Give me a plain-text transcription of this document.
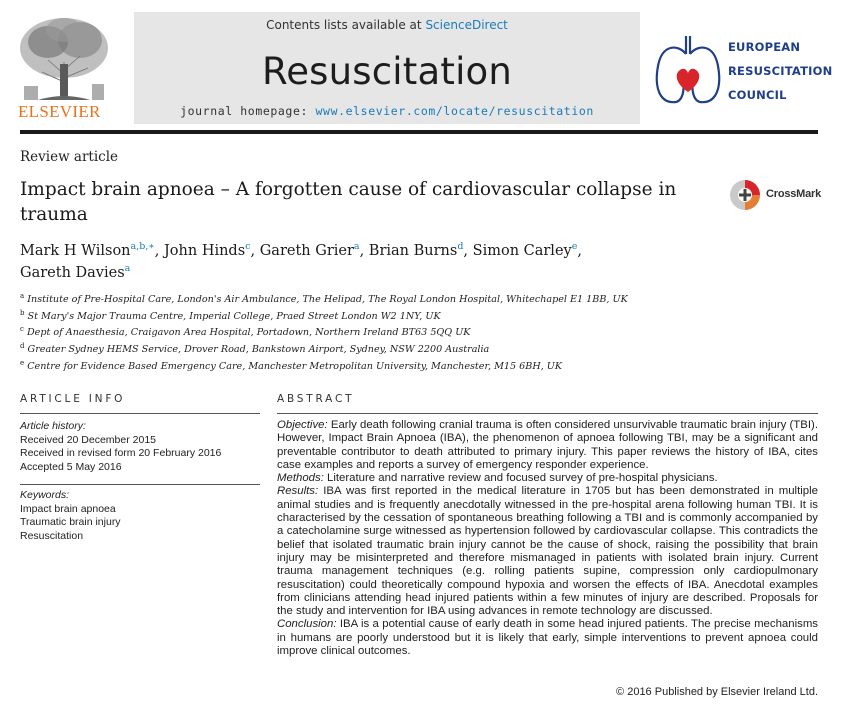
ELSEVIER
Contents lists available at ScienceDirect
Resuscitation
journal homepage: www.elsevier.com/locate/resuscitation
EUROPEAN
RESUSCITATION
COUNCIL
Review article
Impact brain apnoea – A forgotten cause of cardiovascular collapse in trauma
CrossMark
Mark H Wilson$^{a,b,∗}$, John Hinds$^c$, Gareth Grier$^a$, Brian Burns$^d$, Simon Carley$^e$,
Gareth Davies$^a$
$^a$ Institute of Pre-Hospital Care, London's Air Ambulance, The Helipad, The Royal London Hospital, Whitechapel E1 1BB, UK
$^b$ St Mary's Major Trauma Centre, Imperial College, Praed Street London W2 1NY, UK
$^c$ Dept of Anaesthesia, Craigavon Area Hospital, Portadown, Northern Ireland BT63 5QQ UK
$^d$ Greater Sydney HEMS Service, Drover Road, Bankstown Airport, Sydney, NSW 2200 Australia
$^e$ Centre for Evidence Based Emergency Care, Manchester Metropolitan University, Manchester, M15 6BH, UK
ARTICLE INFO
Article history:
Received 20 December 2015
Received in revised form 20 February 2016
Accepted 5 May 2016
Keywords:
Impact brain apnoea
Traumatic brain injury
Resuscitation
ABSTRACT

Objective: Early death following cranial trauma is often considered unsurvivable traumatic brain injury (TBI). However, Impact Brain Apnoea (IBA), the phenomenon of apnoea following TBI, may be a significant and preventable contributor to death attributed to primary injury. This paper reviews the history of IBA, cites case examples and reports a survey of emergency responder experience.

Methods: Literature and narrative review and focused survey of pre-hospital physicians.

Results: IBA was first reported in the medical literature in 1705 but has been demonstrated in multiple animal studies and is frequently anecdotally witnessed in the pre-hospital arena following human TBI. It is characterised by the cessation of spontaneous breathing following a TBI and is commonly accompanied by a catecholamine surge witnessed as hypertension followed by cardiovascular collapse. This contradicts the belief that isolated traumatic brain injury cannot be the cause of shock, raising the possibility that brain injury may be misinterpreted and therefore mismanaged in patients with isolated brain injury. Current trauma management techniques (e.g. rolling patients supine, compression only cardiopulmonary resuscitation) could theoretically compound hypoxia and worsen the effects of IBA. Anecdotal examples from clinicians attending head injured patients within a few minutes of injury are described. Proposals for the study and intervention for IBA using advances in remote technology are discussed.

Conclusion: IBA is a potential cause of early death in some head injured patients. The precise mechanisms in humans are poorly understood but it is likely that early, simple interventions to prevent apnoea could improve clinical outcomes.

© 2016 Published by Elsevier Ireland Ltd.
